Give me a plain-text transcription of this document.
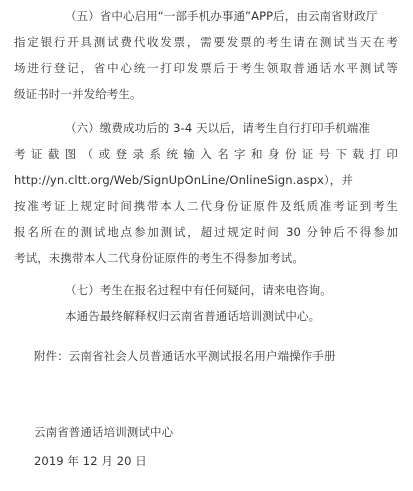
（五）省中心启用“一部手机办事通”APP后，由云南省财政厅
指定银行开具测试费代收发票，需要发票的考生请在测试当天在考
场进行登记，省中心统一打印发票后于考生领取普通话水平测试等
级证书时一并发给考生。
（六）缴费成功后的 3-4 天以后，请考生自行打印手机端准
考证截图（或登录系统输入名字和身份证号下载打印
http://yn.cltt.org/Web/SignUpOnLine/OnlineSign.aspx），并
按准考证上规定时间携带本人二代身份证原件及纸质准考证到考生
报名所在的测试地点参加测试，超过规定时间 30 分钟后不得参加
考试，未携带本人二代身份证原件的考生不得参加考试。
（七）考生在报名过程中有任何疑问，请来电咨询。
本通告最终解释权归云南省普通话培训测试中心。
附件：云南省社会人员普通话水平测试报名用户端操作手册
云南省普通话培训测试中心
2019 年 12 月 20 日
